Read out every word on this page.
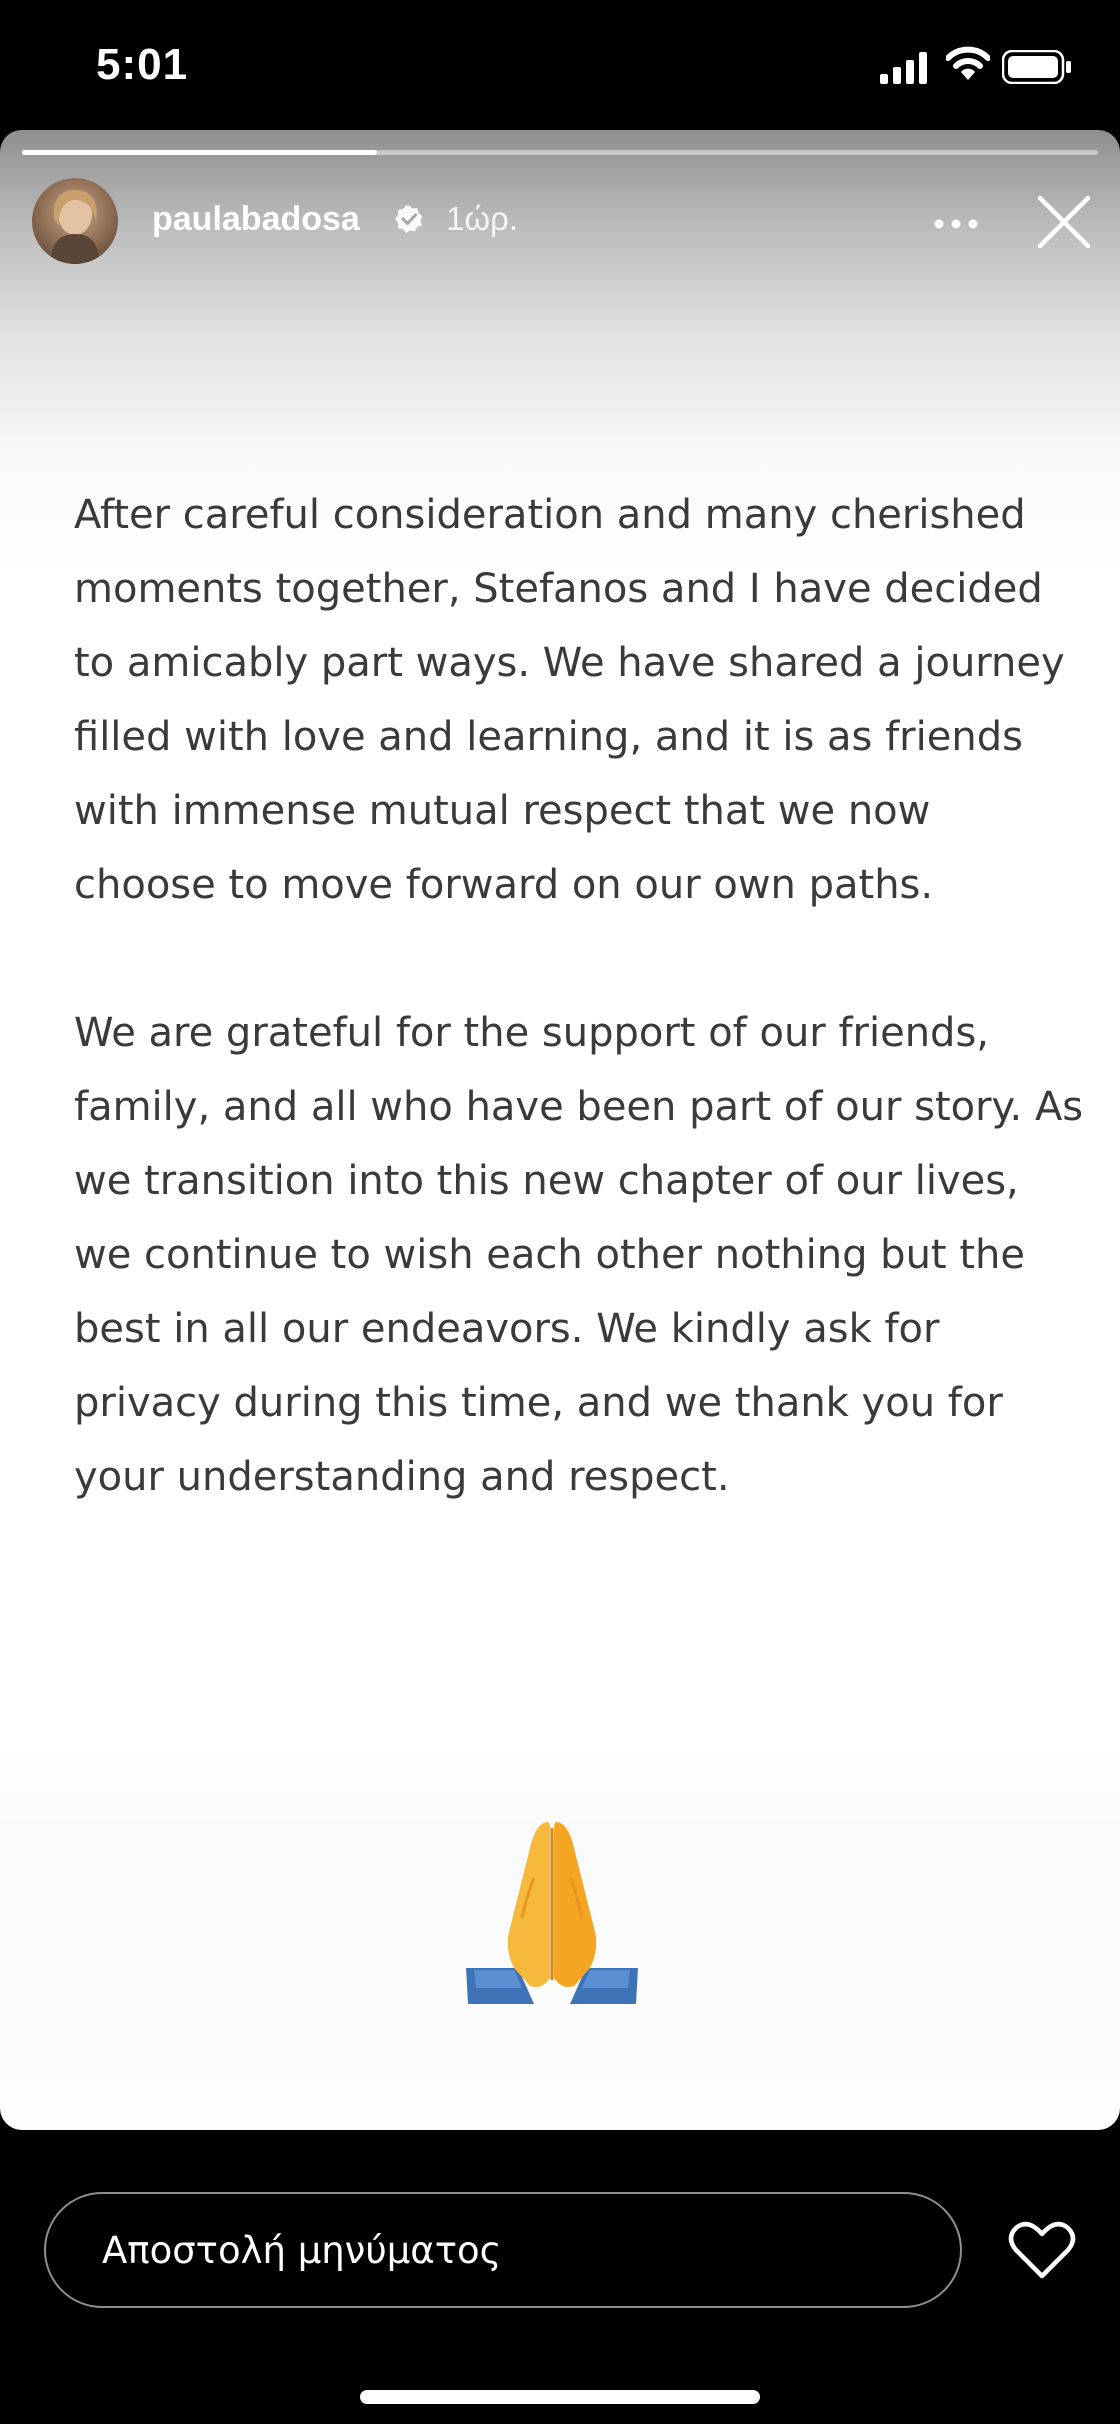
5:01
paulabadosa	1ώρ.

After careful consideration and many cherished moments together, Stefanos and I have decided to amicably part ways. We have shared a journey filled with love and learning, and it is as friends with immense mutual respect that we now choose to move forward on our own paths.

We are grateful for the support of our friends, family, and all who have been part of our story. As we transition into this new chapter of our lives, we continue to wish each other nothing but the best in all our endeavors. We kindly ask for privacy during this time, and we thank you for your understanding and respect.

Αποστολή μηνύματος
